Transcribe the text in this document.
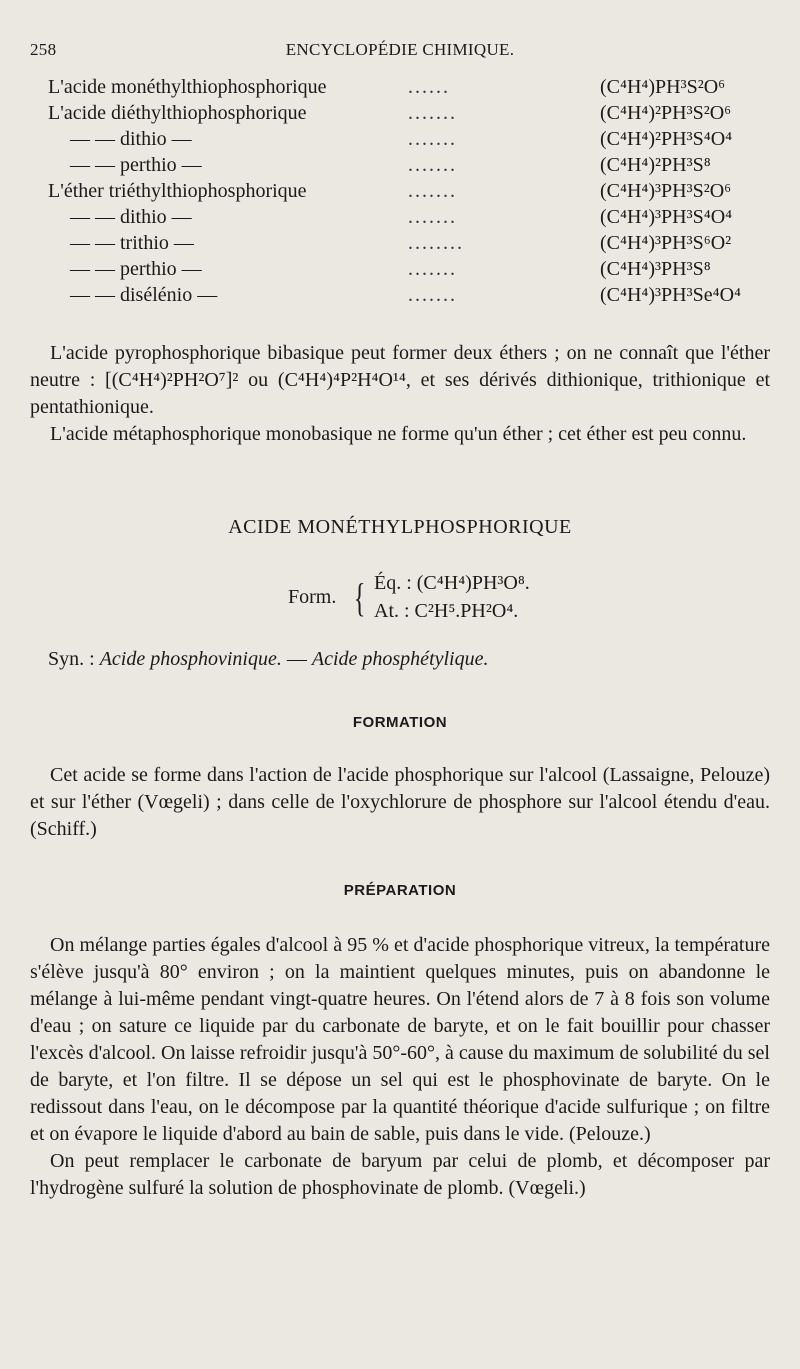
258	ENCYCLOPÉDIE CHIMIQUE.
L'acide monéthylthiophosphorique	......	(C⁴H⁴)PH³S²O⁶
L'acide diéthylthiophosphorique	.......	(C⁴H⁴)²PH³S²O⁶
— — dithio —	.......	(C⁴H⁴)²PH³S⁴O⁴
— — perthio —	.......	(C⁴H⁴)²PH³S⁸
L'éther triéthylthiophosphorique	.......	(C⁴H⁴)³PH³S²O⁶
— — dithio —	.......	(C⁴H⁴)³PH³S⁴O⁴
— — trithio —	........	(C⁴H⁴)³PH³S⁶O²
— — perthio —	.......	(C⁴H⁴)³PH³S⁸
— — disélénio —	.......	(C⁴H⁴)³PH³Se⁴O⁴

L'acide pyrophosphorique bibasique peut former deux éthers ; on ne connaît que l'éther neutre : [(C⁴H⁴)²PH²O⁷]² ou (C⁴H⁴)⁴P²H⁴O¹⁴, et ses dérivés dithionique, trithionique et pentathionique.

L'acide métaphosphorique monobasique ne forme qu'un éther ; cet éther est peu connu.

ACIDE MONÉTHYLPHOSPHORIQUE
Form. { Éq. : (C⁴H⁴)PH³O⁸.
At. : C²H⁵.PH²O⁴.
Syn. : Acide phosphovinique. — Acide phosphétylique.
FORMATION

Cet acide se forme dans l'action de l'acide phosphorique sur l'alcool (Lassaigne, Pelouze) et sur l'éther (Vœgeli) ; dans celle de l'oxychlorure de phosphore sur l'alcool étendu d'eau. (Schiff.)

PRÉPARATION

On mélange parties égales d'alcool à 95 % et d'acide phosphorique vitreux, la température s'élève jusqu'à 80° environ ; on la maintient quelques minutes, puis on abandonne le mélange à lui-même pendant vingt-quatre heures. On l'étend alors de 7 à 8 fois son volume d'eau ; on sature ce liquide par du carbonate de baryte, et on le fait bouillir pour chasser l'excès d'alcool. On laisse refroidir jusqu'à 50°-60°, à cause du maximum de solubilité du sel de baryte, et l'on filtre. Il se dépose un sel qui est le phosphovinate de baryte. On le redissout dans l'eau, on le décompose par la quantité théorique d'acide sulfurique ; on filtre et on évapore le liquide d'abord au bain de sable, puis dans le vide. (Pelouze.)

On peut remplacer le carbonate de baryum par celui de plomb, et décomposer par l'hydrogène sulfuré la solution de phosphovinate de plomb. (Vœgeli.)
